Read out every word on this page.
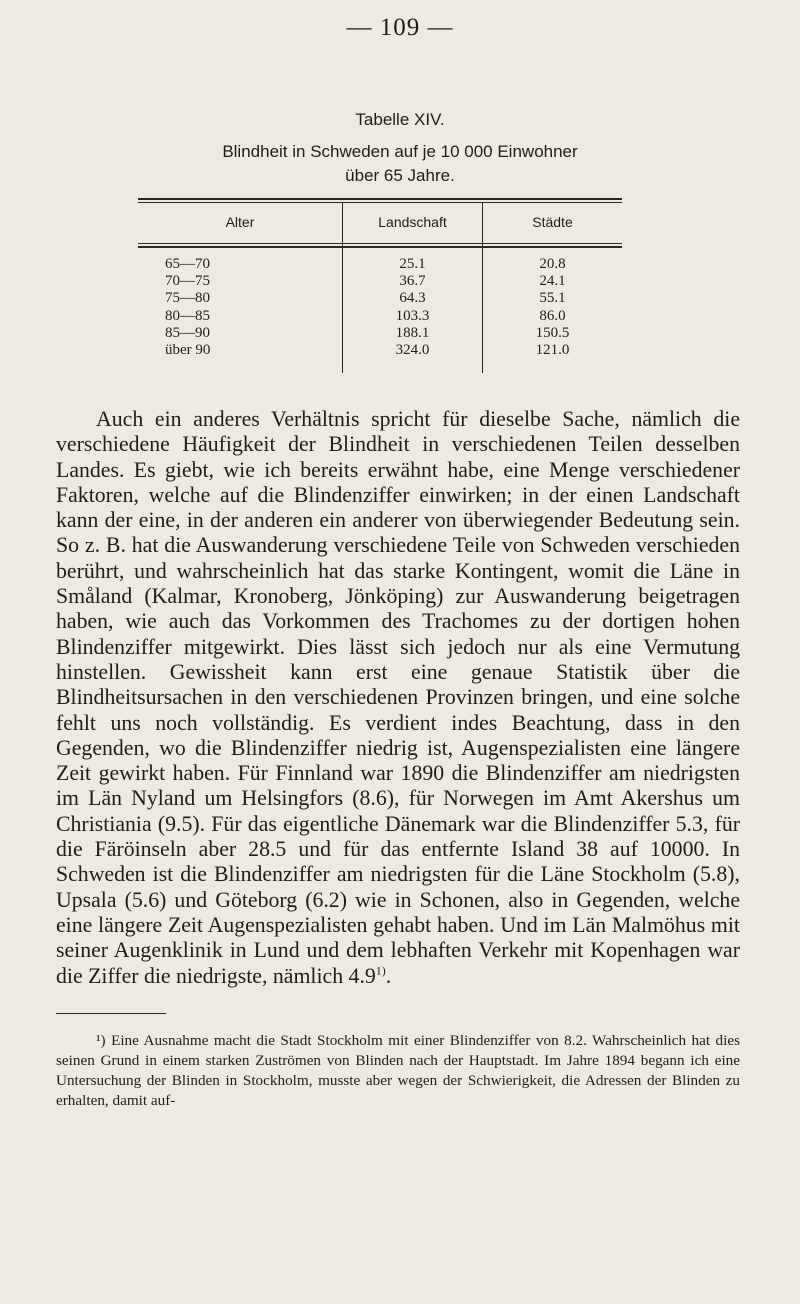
— 109 —
Tabelle XIV.
Blindheit in Schweden auf je 10 000 Einwohner
über 65 Jahre.
Alter	Landschaft	Städte
65—70
70—75
75—80
80—85
85—90
über 90
25.1
36.7
64.3
103.3
188.1
324.0
20.8
24.1
55.1
86.0
150.5
121.0

Auch ein anderes Verhältnis spricht für dieselbe Sache, nämlich die verschiedene Häufigkeit der Blindheit in verschiedenen Teilen desselben Landes. Es giebt, wie ich bereits erwähnt habe, eine Menge verschiedener Faktoren, welche auf die Blindenziffer einwirken; in der einen Landschaft kann der eine, in der anderen ein anderer von überwiegender Bedeutung sein. So z. B. hat die Auswanderung verschiedene Teile von Schweden verschieden berührt, und wahrscheinlich hat das starke Kontingent, womit die Läne in Småland (Kalmar, Kronoberg, Jönköping) zur Auswanderung beigetragen haben, wie auch das Vorkommen des Trachomes zu der dortigen hohen Blindenziffer mitgewirkt. Dies lässt sich jedoch nur als eine Vermutung hinstellen. Gewissheit kann erst eine genaue Statistik über die Blindheitsursachen in den verschiedenen Provinzen bringen, und eine solche fehlt uns noch vollständig. Es verdient indes Beachtung, dass in den Gegenden, wo die Blindenziffer niedrig ist, Augenspezialisten eine längere Zeit gewirkt haben. Für Finnland war 1890 die Blindenziffer am niedrigsten im Län Nyland um Helsingfors (8.6), für Norwegen im Amt Akershus um Christiania (9.5). Für das eigentliche Dänemark war die Blindenziffer 5.3, für die Färöinseln aber 28.5 und für das entfernte Island 38 auf 10000. In Schweden ist die Blindenziffer am niedrigsten für die Läne Stockholm (5.8), Upsala (5.6) und Göteborg (6.2) wie in Schonen, also in Gegenden, welche eine längere Zeit Augenspezialisten gehabt haben. Und im Län Malmöhus mit seiner Augenklinik in Lund und dem lebhaften Verkehr mit Kopenhagen war die Ziffer die niedrigste, nämlich 4.9$^{1)}$.

¹) Eine Ausnahme macht die Stadt Stockholm mit einer Blindenziffer von 8.2. Wahrscheinlich hat dies seinen Grund in einem starken Zuströmen von Blinden nach der Hauptstadt. Im Jahre 1894 begann ich eine Untersuchung der Blinden in Stockholm, musste aber wegen der Schwierigkeit, die Adressen der Blinden zu erhalten, damit auf-
